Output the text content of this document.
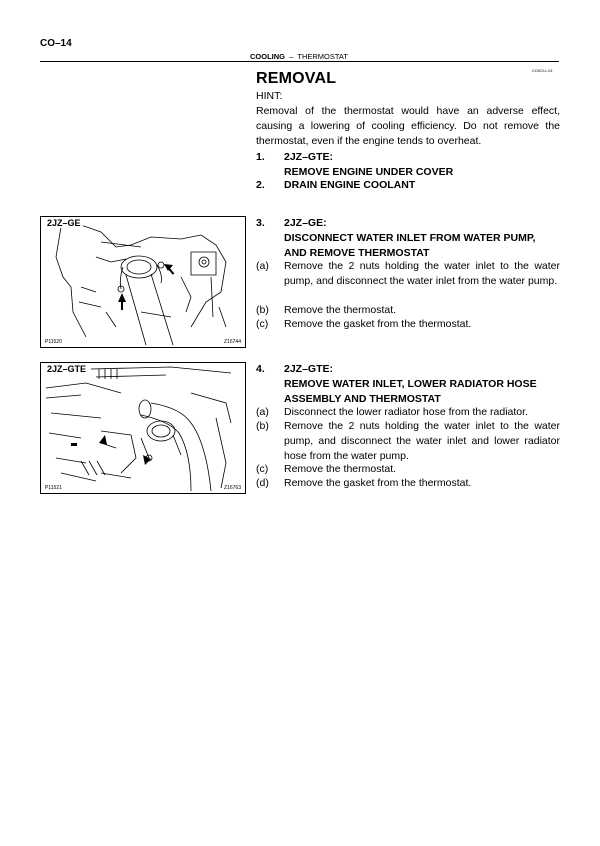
CO–14
COOLING – THERMOSTAT
CO0CU–01
REMOVAL
HINT:
Removal of the thermostat would have an adverse effect, causing a lowering of cooling efficiency. Do not remove the thermostat, even if the engine tends to overheat.
1. 2JZ–GTE:
REMOVE ENGINE UNDER COVER
2. DRAIN ENGINE COOLANT
3. 2JZ–GE:
DISCONNECT WATER INLET FROM WATER PUMP,
AND REMOVE THERMOSTAT
(a) Remove the 2 nuts holding the water inlet to the water pump, and disconnect the water inlet from the water pump.
(b) Remove the thermostat.
(c) Remove the gasket from the thermostat.
4. 2JZ–GTE:
REMOVE WATER INLET, LOWER RADIATOR HOSE
ASSEMBLY AND THERMOSTAT
(a) Disconnect the lower radiator hose from the radiator.
(b) Remove the 2 nuts holding the water inlet to the water pump, and disconnect the water inlet and lower radiator hose from the water pump.
(c) Remove the thermostat.
(d) Remove the gasket from the thermostat.
2JZ–GE
P11520	Z16744
2JZ–GTE
P11521	Z16763
